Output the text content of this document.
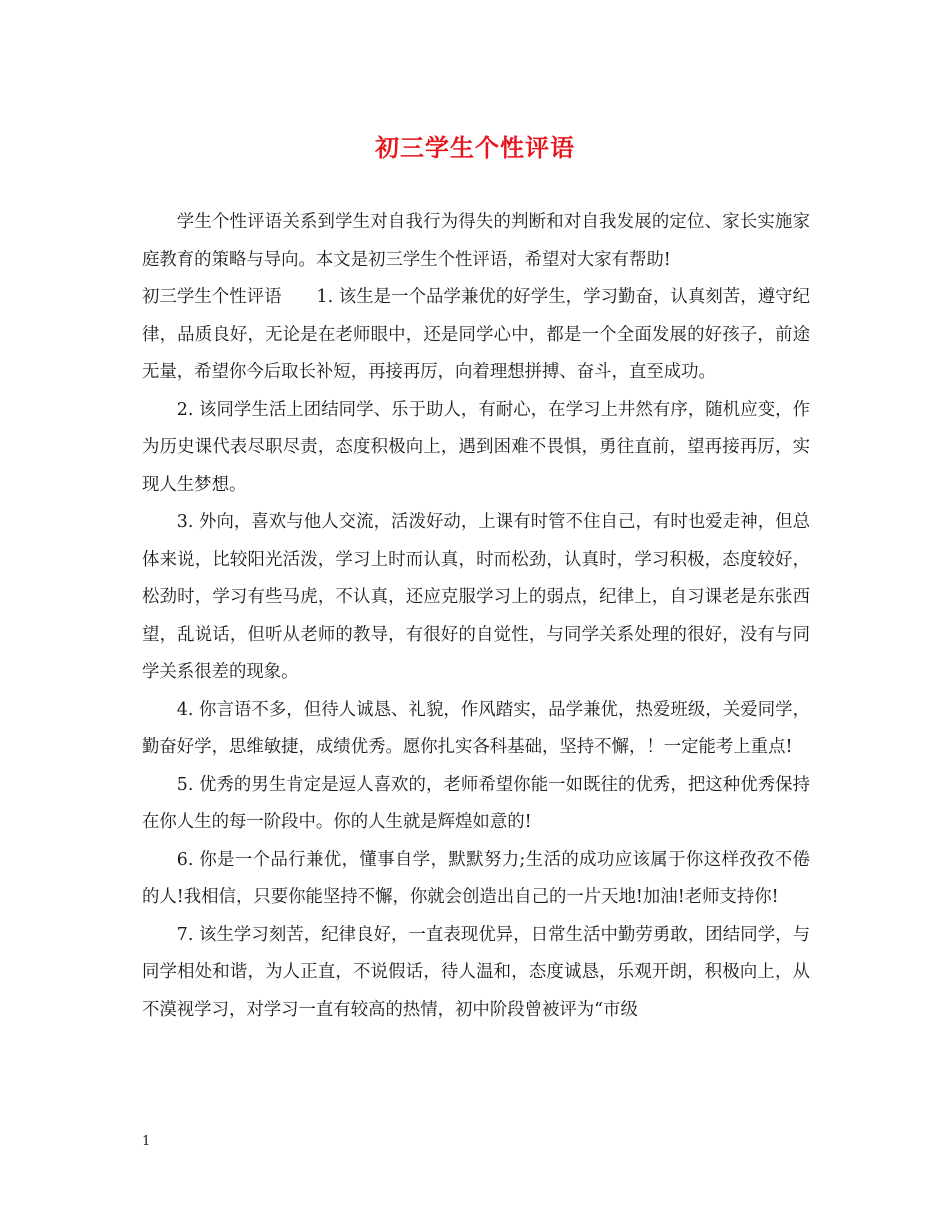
初三学生个性评语

学生个性评语关系到学生对自我行为得失的判断和对自我发展的定位、家长实施家庭教育的策略与导向。本文是初三学生个性评语，希望对大家有帮助!

初三学生个性评语　　1. 该生是一个品学兼优的好学生，学习勤奋，认真刻苦，遵守纪律，品质良好，无论是在老师眼中，还是同学心中，都是一个全面发展的好孩子，前途无量，希望你今后取长补短，再接再厉，向着理想拼搏、奋斗，直至成功。

2. 该同学生活上团结同学、乐于助人，有耐心，在学习上井然有序，随机应变，作为历史课代表尽职尽责，态度积极向上，遇到困难不畏惧，勇往直前，望再接再厉，实现人生梦想。

3. 外向，喜欢与他人交流，活泼好动，上课有时管不住自己，有时也爱走神，但总体来说，比较阳光活泼，学习上时而认真，时而松劲，认真时，学习积极，态度较好，松劲时，学习有些马虎，不认真，还应克服学习上的弱点，纪律上，自习课老是东张西望，乱说话，但听从老师的教导，有很好的自觉性，与同学关系处理的很好，没有与同学关系很差的现象。

4. 你言语不多，但待人诚恳、礼貌，作风踏实，品学兼优，热爱班级，关爱同学，勤奋好学，思维敏捷，成绩优秀。愿你扎实各科基础，坚持不懈，！一定能考上重点!

5. 优秀的男生肯定是逗人喜欢的，老师希望你能一如既往的优秀，把这种优秀保持在你人生的每一阶段中。你的人生就是辉煌如意的!

6. 你是一个品行兼优，懂事自学，默默努力;生活的成功应该属于你这样孜孜不倦的人!我相信，只要你能坚持不懈，你就会创造出自己的一片天地!加油!老师支持你!

7. 该生学习刻苦，纪律良好，一直表现优异，日常生活中勤劳勇敢，团结同学，与同学相处和谐，为人正直，不说假话，待人温和，态度诚恳，乐观开朗，积极向上，从不漠视学习，对学习一直有较高的热情，初中阶段曾被评为“市级

1
